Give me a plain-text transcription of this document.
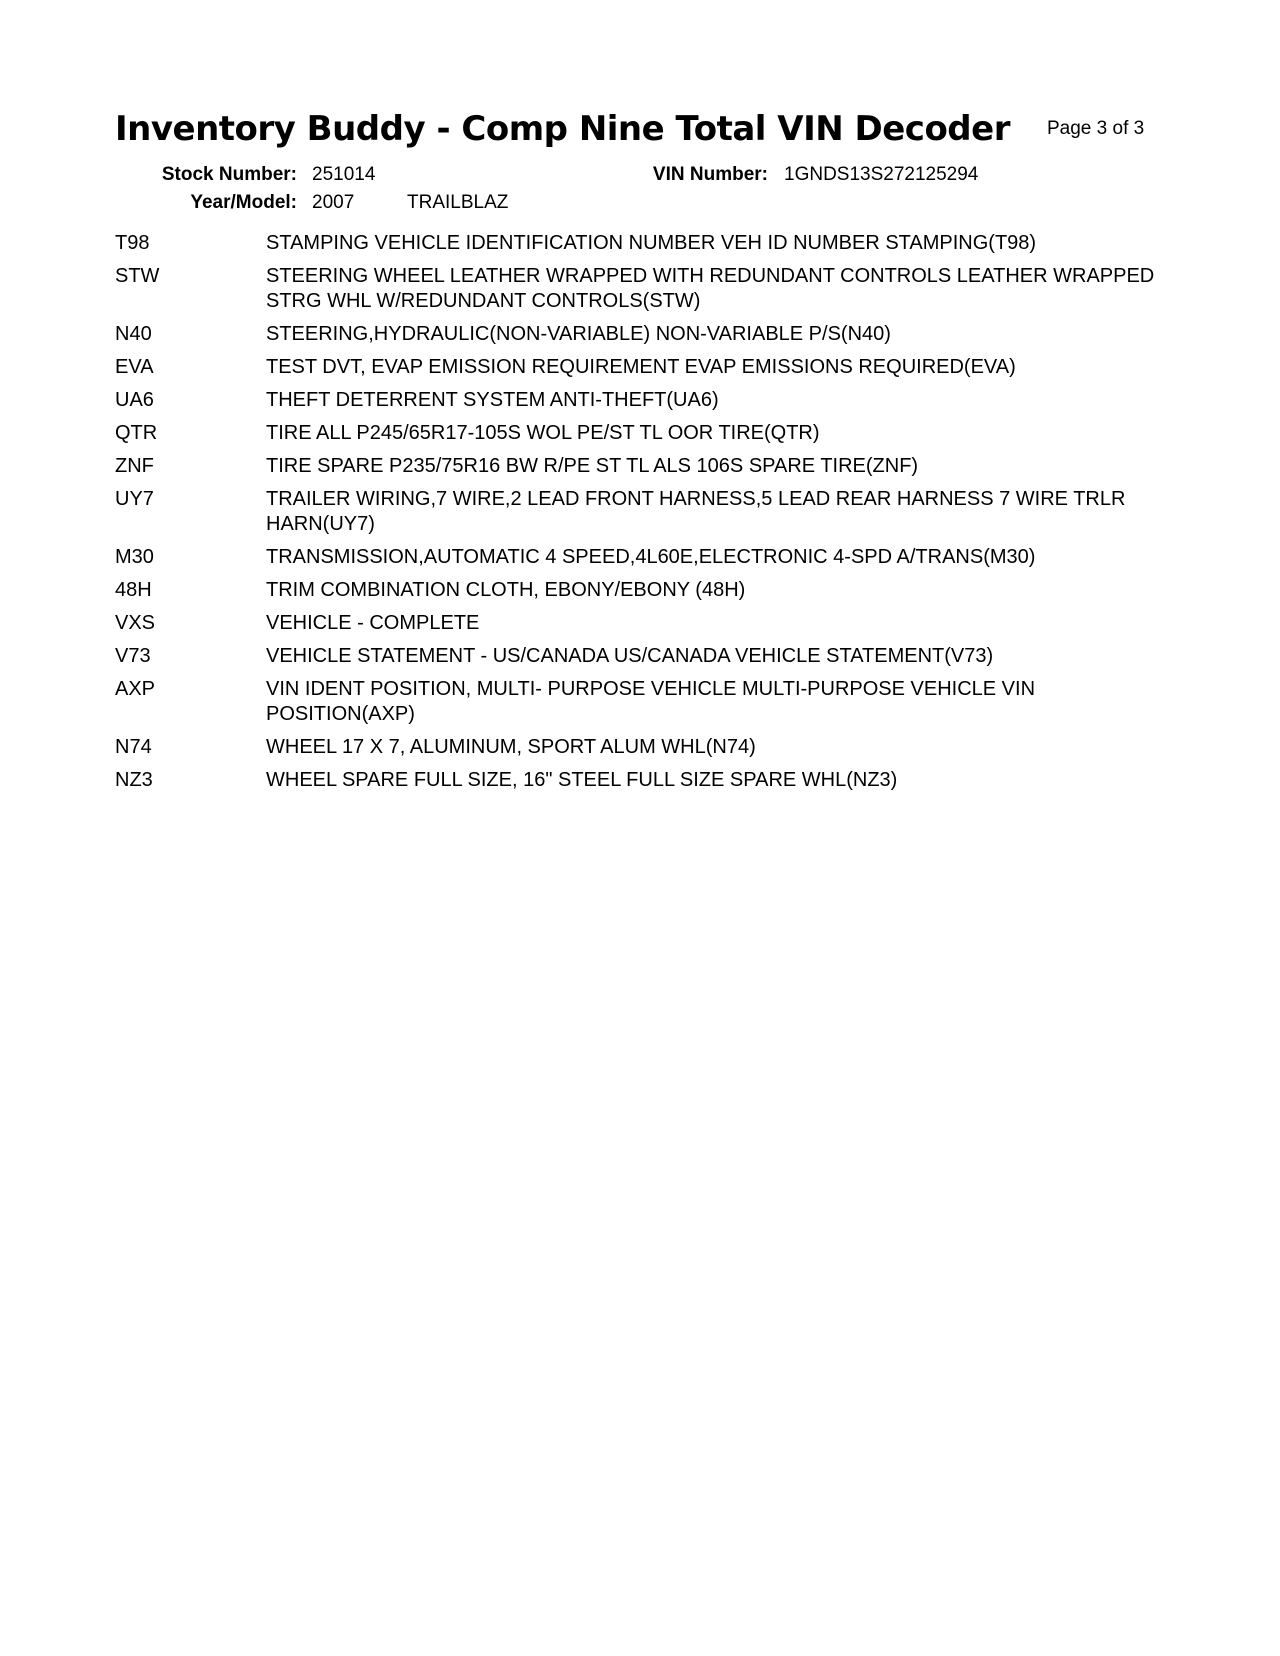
Inventory Buddy - Comp Nine Total VIN Decoder Page 3 of 3
Stock Number: 251014	VIN Number: 1GNDS13S272125294
Year/Model: 2007	TRAILBLAZ
T98	STAMPING VEHICLE IDENTIFICATION NUMBER VEH ID NUMBER STAMPING(T98)
STW	STEERING WHEEL LEATHER WRAPPED WITH REDUNDANT CONTROLS LEATHER WRAPPED STRG WHL W/REDUNDANT CONTROLS(STW)
N40	STEERING,HYDRAULIC(NON-VARIABLE) NON-VARIABLE P/S(N40)
EVA	TEST DVT, EVAP EMISSION REQUIREMENT EVAP EMISSIONS REQUIRED(EVA)
UA6	THEFT DETERRENT SYSTEM ANTI-THEFT(UA6)
QTR	TIRE ALL P245/65R17-105S WOL PE/ST TL OOR TIRE(QTR)
ZNF	TIRE SPARE P235/75R16 BW R/PE ST TL ALS 106S SPARE TIRE(ZNF)
UY7	TRAILER WIRING,7 WIRE,2 LEAD FRONT HARNESS,5 LEAD REAR HARNESS 7 WIRE TRLR HARN(UY7)
M30	TRANSMISSION,AUTOMATIC 4 SPEED,4L60E,ELECTRONIC 4-SPD A/TRANS(M30)
48H	TRIM COMBINATION CLOTH, EBONY/EBONY (48H)
VXS	VEHICLE - COMPLETE
V73	VEHICLE STATEMENT - US/CANADA US/CANADA VEHICLE STATEMENT(V73)
AXP	VIN IDENT POSITION, MULTI- PURPOSE VEHICLE MULTI-PURPOSE VEHICLE VIN POSITION(AXP)
N74	WHEEL 17 X 7, ALUMINUM, SPORT ALUM WHL(N74)
NZ3	WHEEL SPARE FULL SIZE, 16" STEEL FULL SIZE SPARE WHL(NZ3)
